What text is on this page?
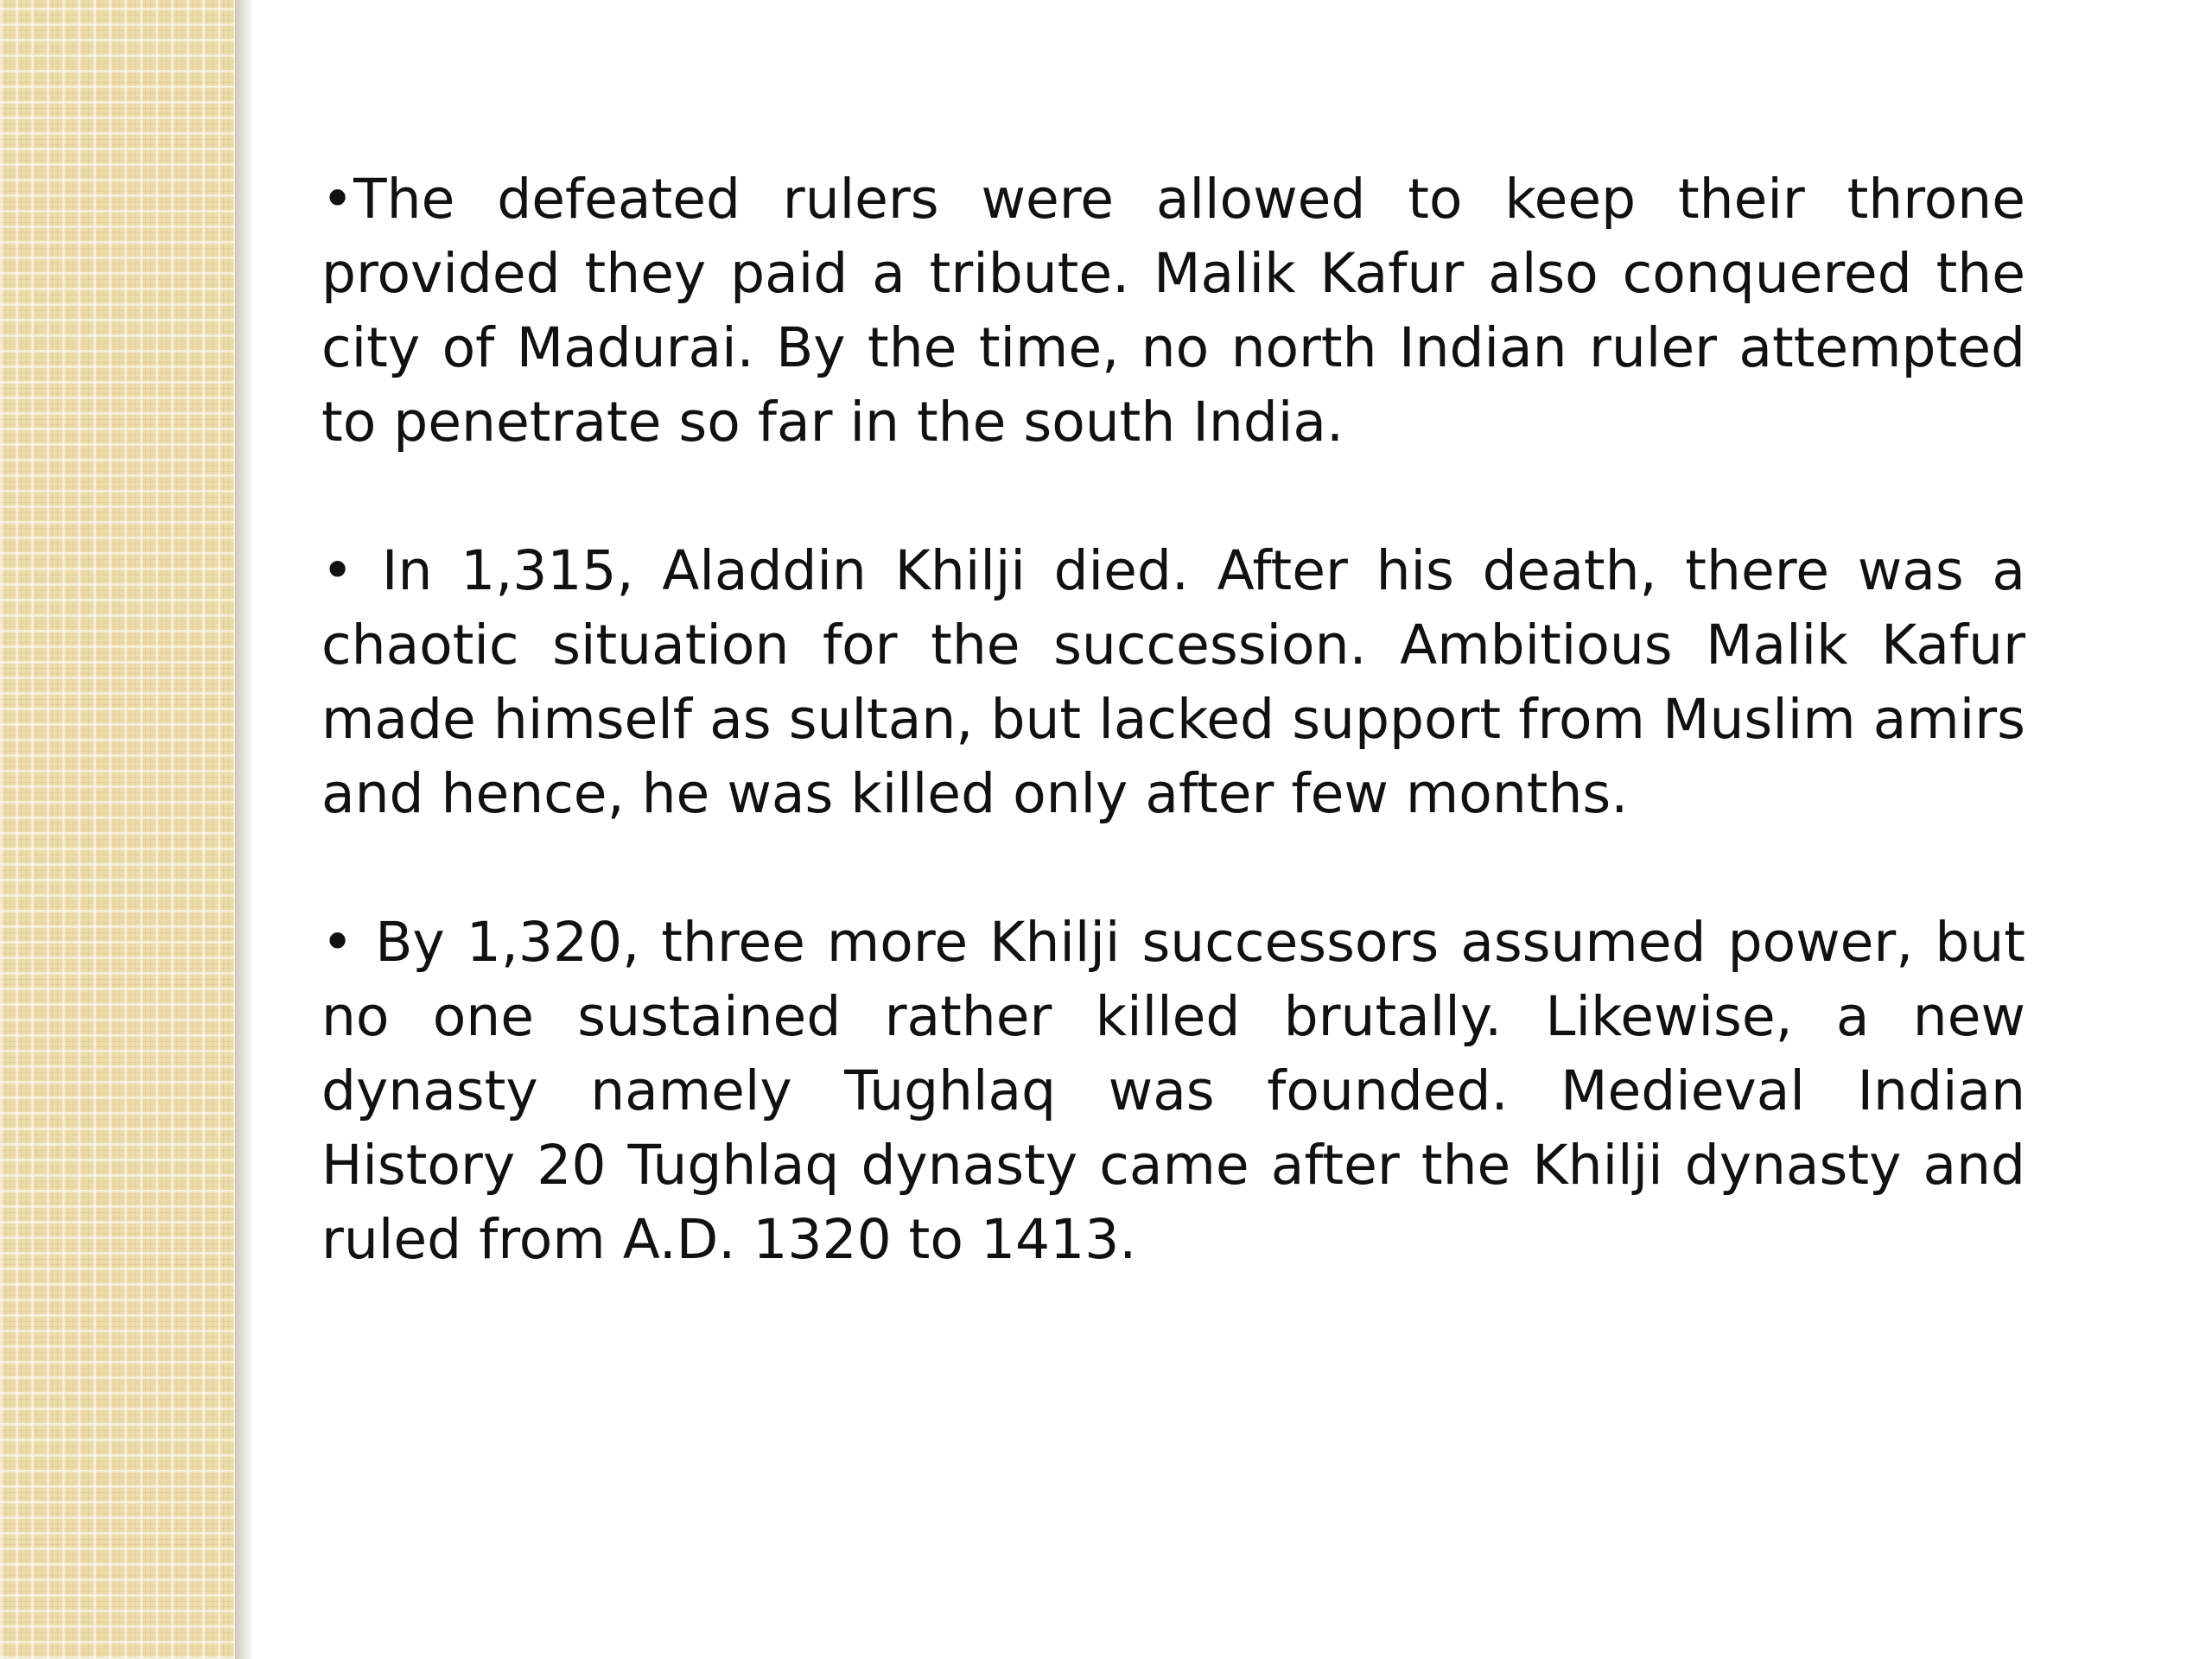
•The defeated rulers were allowed to keep their throne provided they paid a tribute. Malik Kafur also conquered the city of Madurai. By the time, no north Indian ruler attempted to penetrate so far in the south India.

• In 1,315, Aladdin Khilji died. After his death, there was a chaotic situation for the succession. Ambitious Malik Kafur made himself as sultan, but lacked support from Muslim amirs and hence, he was killed only after few months.

• By 1,320, three more Khilji successors assumed power, but no one sustained rather killed brutally. Likewise, a new dynasty namely Tughlaq was founded. Medieval Indian History 20 Tughlaq dynasty came after the Khilji dynasty and ruled from A.D. 1320 to 1413.
